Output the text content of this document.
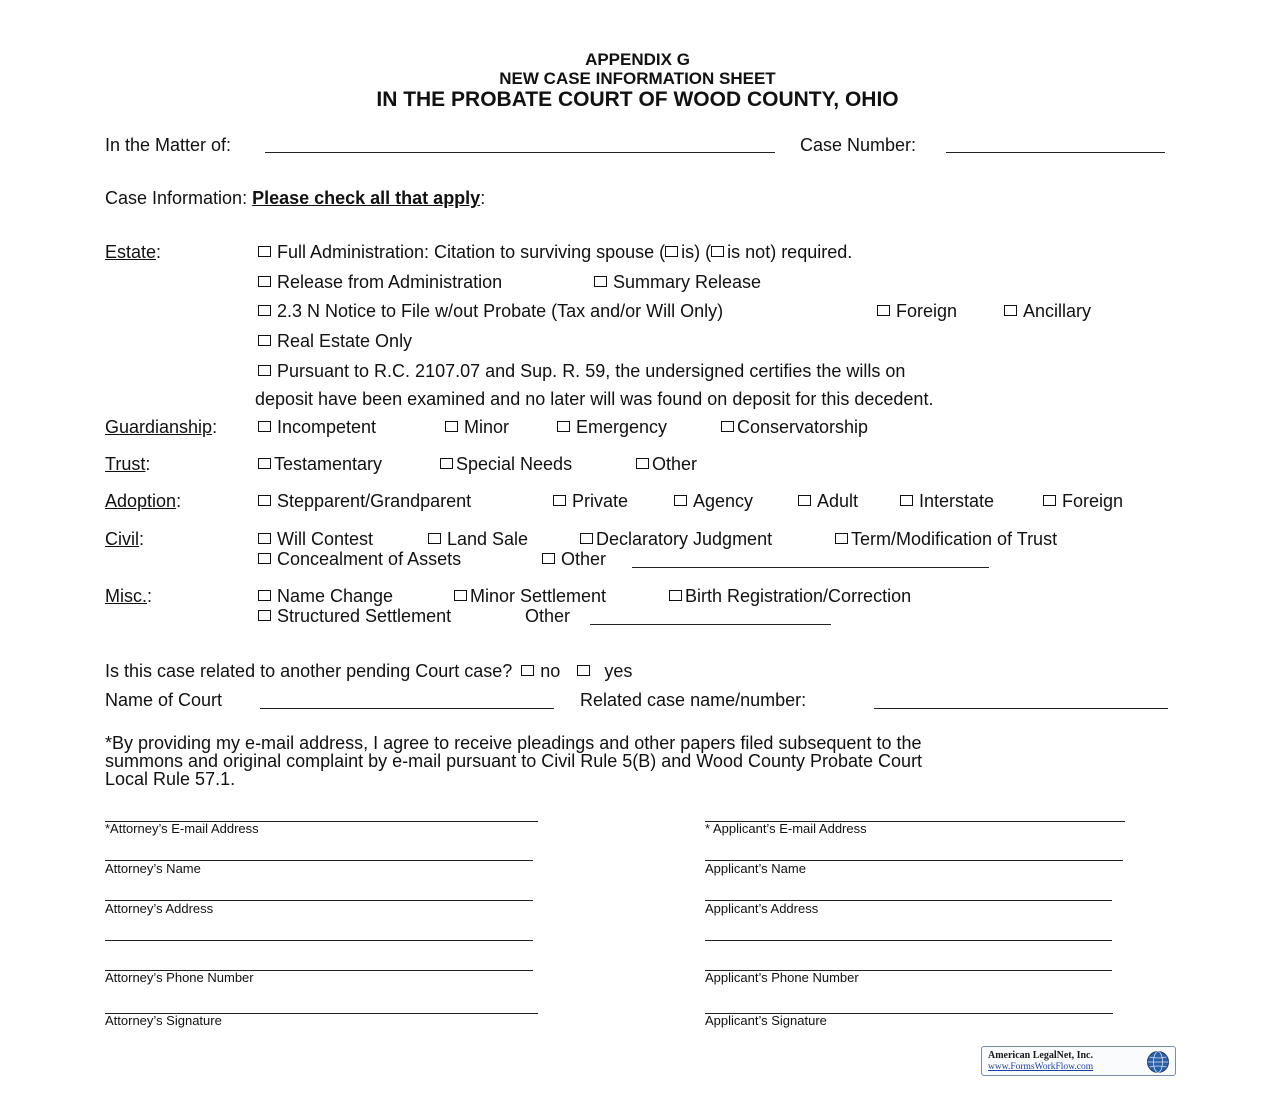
APPENDIX G
NEW CASE INFORMATION SHEET
IN THE PROBATE COURT OF WOOD COUNTY, OHIO
In the Matter of:	Case Number:
Case Information: Please check all that apply:
Estate:	Full Administration: Citation to surviving spouse ( is) ( is not) required.
Release from Administration	Summary Release
2.3 N Notice to File w/out Probate (Tax and/or Will Only)	Foreign	Ancillary
Real Estate Only
Pursuant to R.C. 2107.07 and Sup. R. 59, the undersigned certifies the wills on
deposit have been examined and no later will was found on deposit for this decedent.
Guardianship:	Incompetent	Minor	Emergency	Conservatorship
Trust:	Testamentary	Special Needs	Other
Adoption:	Stepparent/Grandparent	Private	Agency	Adult	Interstate	Foreign
Civil:	Will Contest	Land Sale	Declaratory Judgment	Term/Modification of Trust
Concealment of Assets	Other
Misc.:	Name Change	Minor Settlement	Birth Registration/Correction
Structured Settlement	Other
Is this case related to another pending Court case? no yes
Name of Court	Related case name/number:
*By providing my e-mail address, I agree to receive pleadings and other papers filed subsequent to the
summons and original complaint by e-mail pursuant to Civil Rule 5(B) and Wood County Probate Court
Local Rule 57.1.
*Attorney’s E-mail Address
Attorney’s Name
Attorney’s Address
Attorney’s Phone Number
Attorney’s Signature
* Applicant’s E-mail Address
Applicant’s Name
Applicant’s Address
Applicant’s Phone Number
Applicant’s Signature
American LegalNet, Inc.
www.FormsWorkFlow.com
